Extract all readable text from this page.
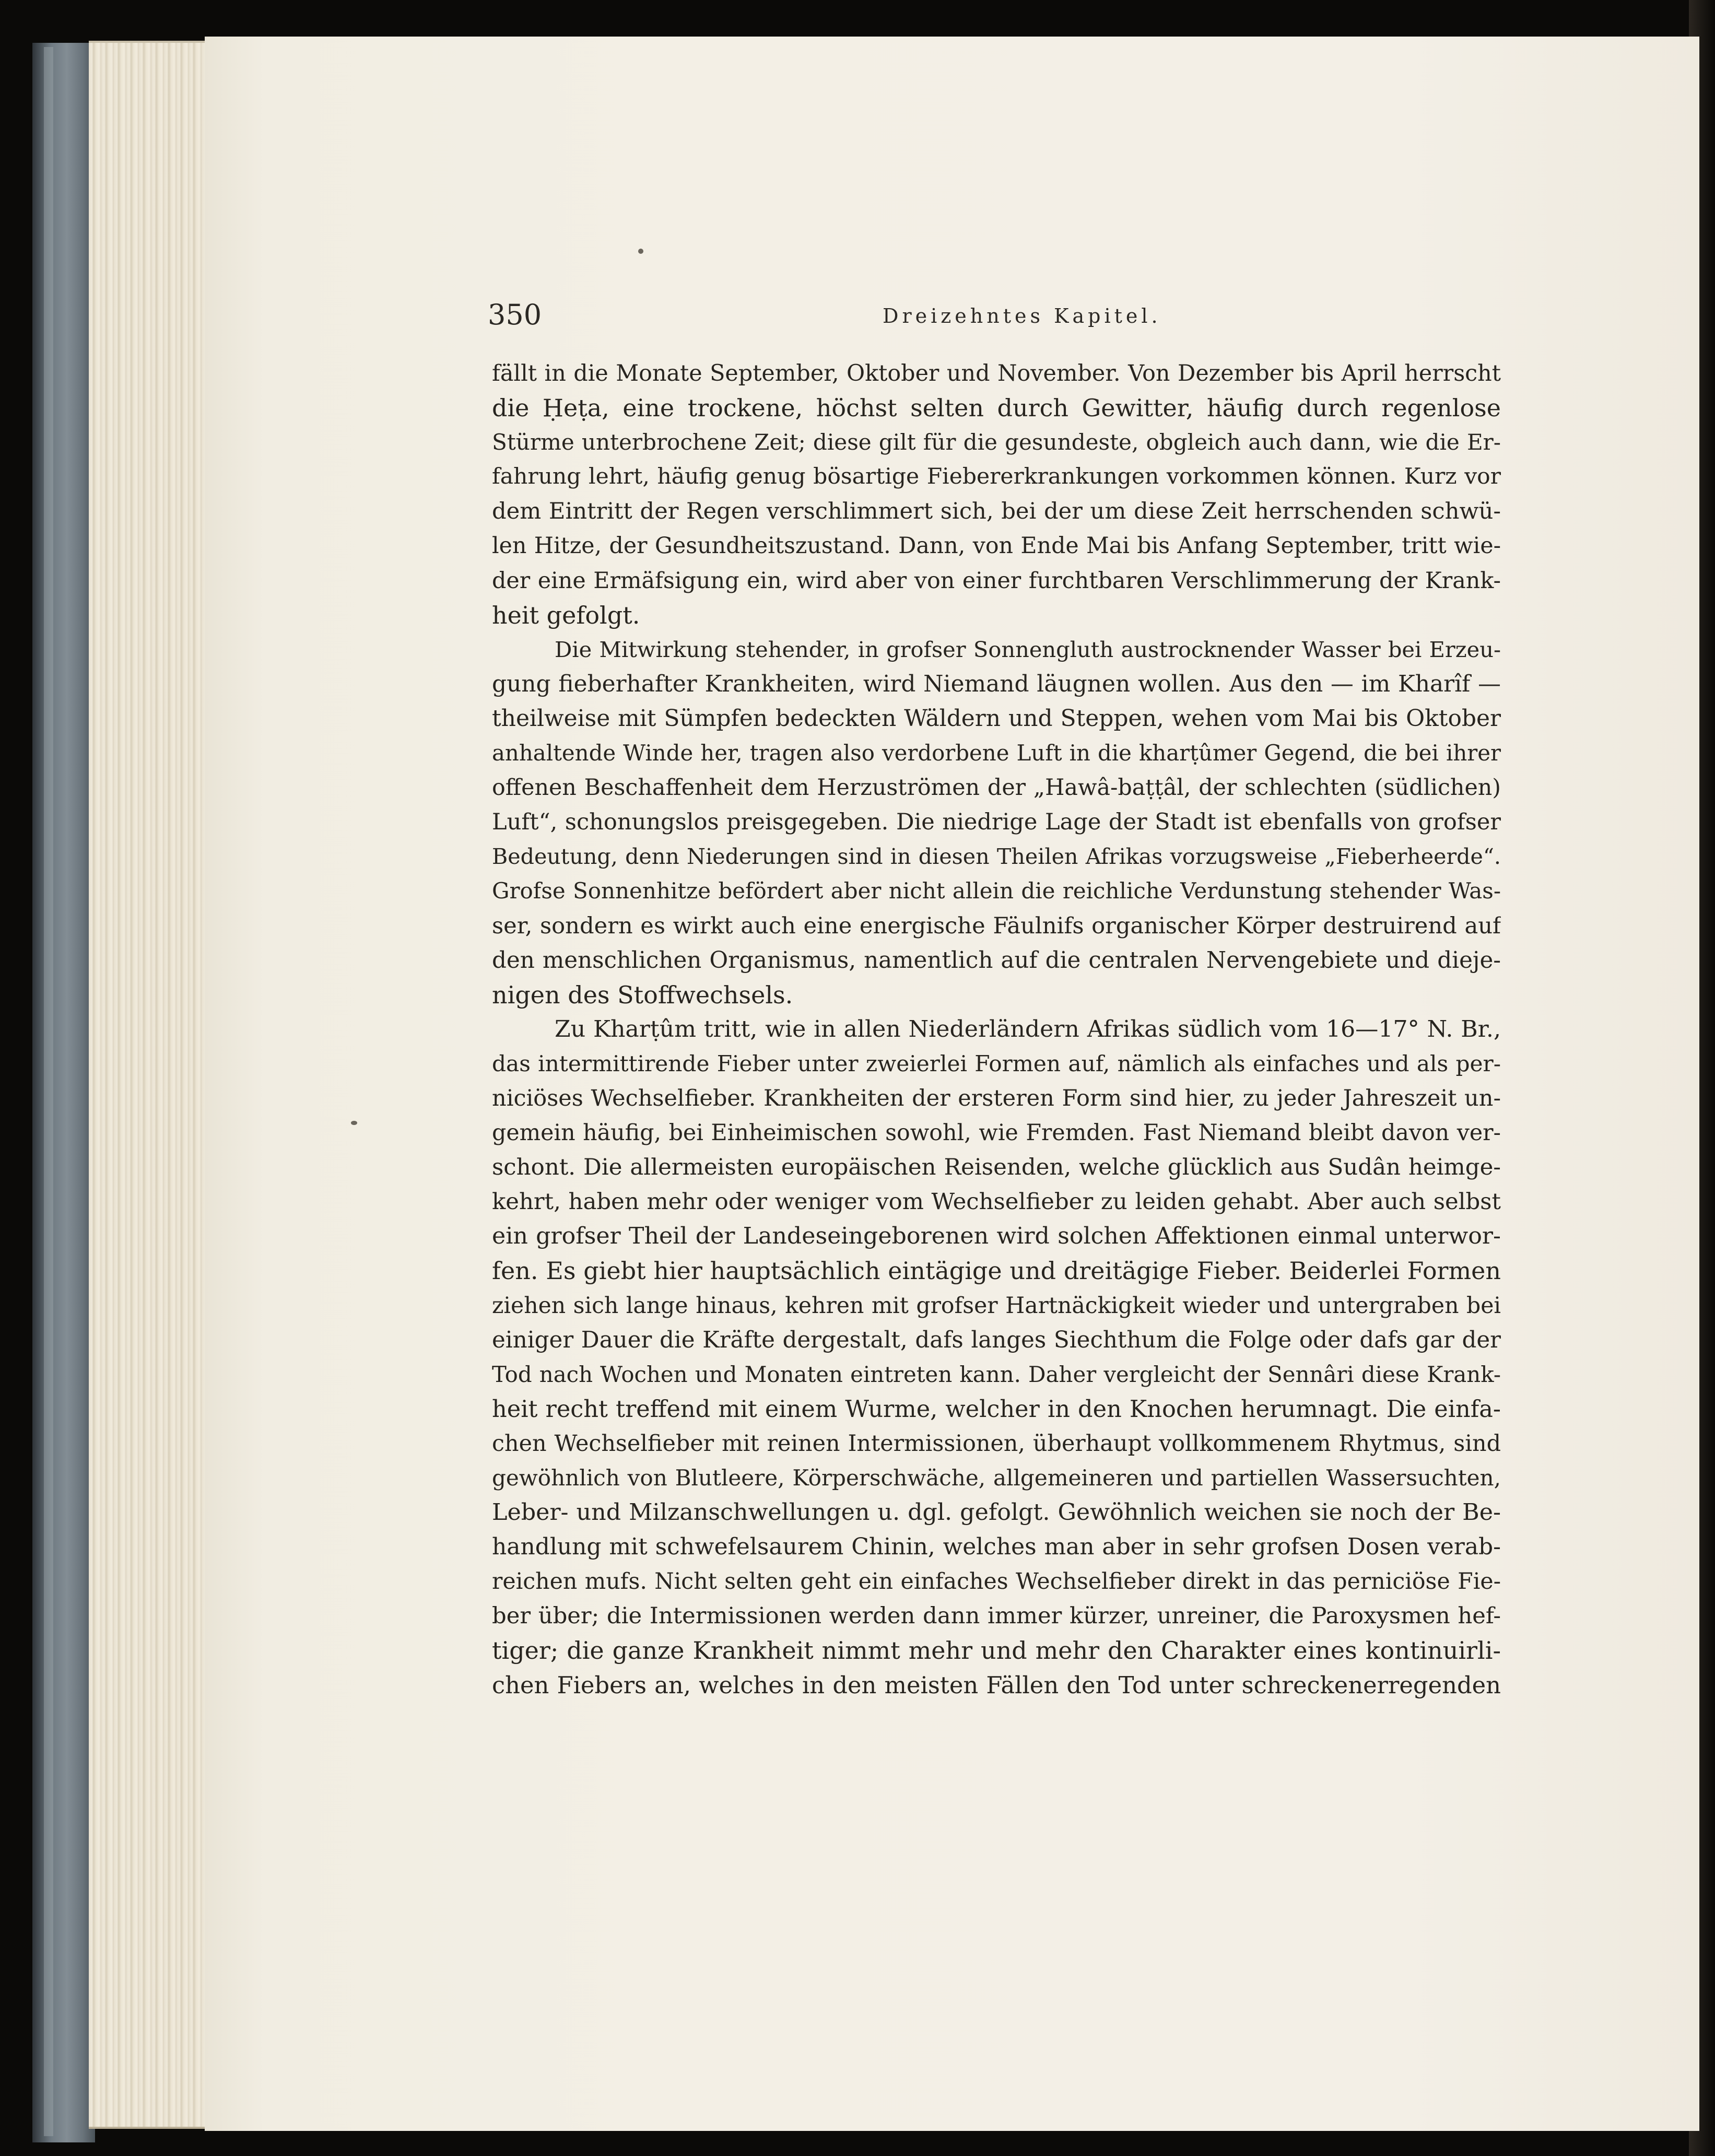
350	Dreizehntes Kapitel.
fällt in die Monate September, Oktober und November. Von Dezember bis April herrscht
die Ḥeṭa, eine trockene, höchst selten durch Gewitter, häufig durch regenlose
Stürme unterbrochene Zeit; diese gilt für die gesundeste, obgleich auch dann, wie die Er-
fahrung lehrt, häufig genug bösartige Fiebererkrankungen vorkommen können. Kurz vor
dem Eintritt der Regen verschlimmert sich, bei der um diese Zeit herrschenden schwü-
len Hitze, der Gesundheitszustand. Dann, von Ende Mai bis Anfang September, tritt wie-
der eine Ermäfsigung ein, wird aber von einer furchtbaren Verschlimmerung der Krank-
heit gefolgt.
Die Mitwirkung stehender, in grofser Sonnengluth austrocknender Wasser bei Erzeu-
gung fieberhafter Krankheiten, wird Niemand läugnen wollen. Aus den — im Kharîf —
theilweise mit Sümpfen bedeckten Wäldern und Steppen, wehen vom Mai bis Oktober
anhaltende Winde her, tragen also verdorbene Luft in die kharṭûmer Gegend, die bei ihrer
offenen Beschaffenheit dem Herzuströmen der „Hawâ-baṭṭâl, der schlechten (südlichen)
Luft“, schonungslos preisgegeben. Die niedrige Lage der Stadt ist ebenfalls von grofser
Bedeutung, denn Niederungen sind in diesen Theilen Afrikas vorzugsweise „Fieberheerde“.
Grofse Sonnenhitze befördert aber nicht allein die reichliche Verdunstung stehender Was-
ser, sondern es wirkt auch eine energische Fäulnifs organischer Körper destruirend auf
den menschlichen Organismus, namentlich auf die centralen Nervengebiete und dieje-
nigen des Stoffwechsels.
Zu Kharṭûm tritt, wie in allen Niederländern Afrikas südlich vom 16—17° N. Br.,
das intermittirende Fieber unter zweierlei Formen auf, nämlich als einfaches und als per-
niciöses Wechselfieber. Krankheiten der ersteren Form sind hier, zu jeder Jahreszeit un-
gemein häufig, bei Einheimischen sowohl, wie Fremden. Fast Niemand bleibt davon ver-
schont. Die allermeisten europäischen Reisenden, welche glücklich aus Sudân heimge-
kehrt, haben mehr oder weniger vom Wechselfieber zu leiden gehabt. Aber auch selbst
ein grofser Theil der Landeseingeborenen wird solchen Affektionen einmal unterwor-
fen. Es giebt hier hauptsächlich eintägige und dreitägige Fieber. Beiderlei Formen
ziehen sich lange hinaus, kehren mit grofser Hartnäckigkeit wieder und untergraben bei
einiger Dauer die Kräfte dergestalt, dafs langes Siechthum die Folge oder dafs gar der
Tod nach Wochen und Monaten eintreten kann. Daher vergleicht der Sennâri diese Krank-
heit recht treffend mit einem Wurme, welcher in den Knochen herumnagt. Die einfa-
chen Wechselfieber mit reinen Intermissionen, überhaupt vollkommenem Rhytmus, sind
gewöhnlich von Blutleere, Körperschwäche, allgemeineren und partiellen Wassersuchten,
Leber- und Milzanschwellungen u. dgl. gefolgt. Gewöhnlich weichen sie noch der Be-
handlung mit schwefelsaurem Chinin, welches man aber in sehr grofsen Dosen verab-
reichen mufs. Nicht selten geht ein einfaches Wechselfieber direkt in das perniciöse Fie-
ber über; die Intermissionen werden dann immer kürzer, unreiner, die Paroxysmen hef-
tiger; die ganze Krankheit nimmt mehr und mehr den Charakter eines kontinuirli-
chen Fiebers an, welches in den meisten Fällen den Tod unter schreckenerregenden
